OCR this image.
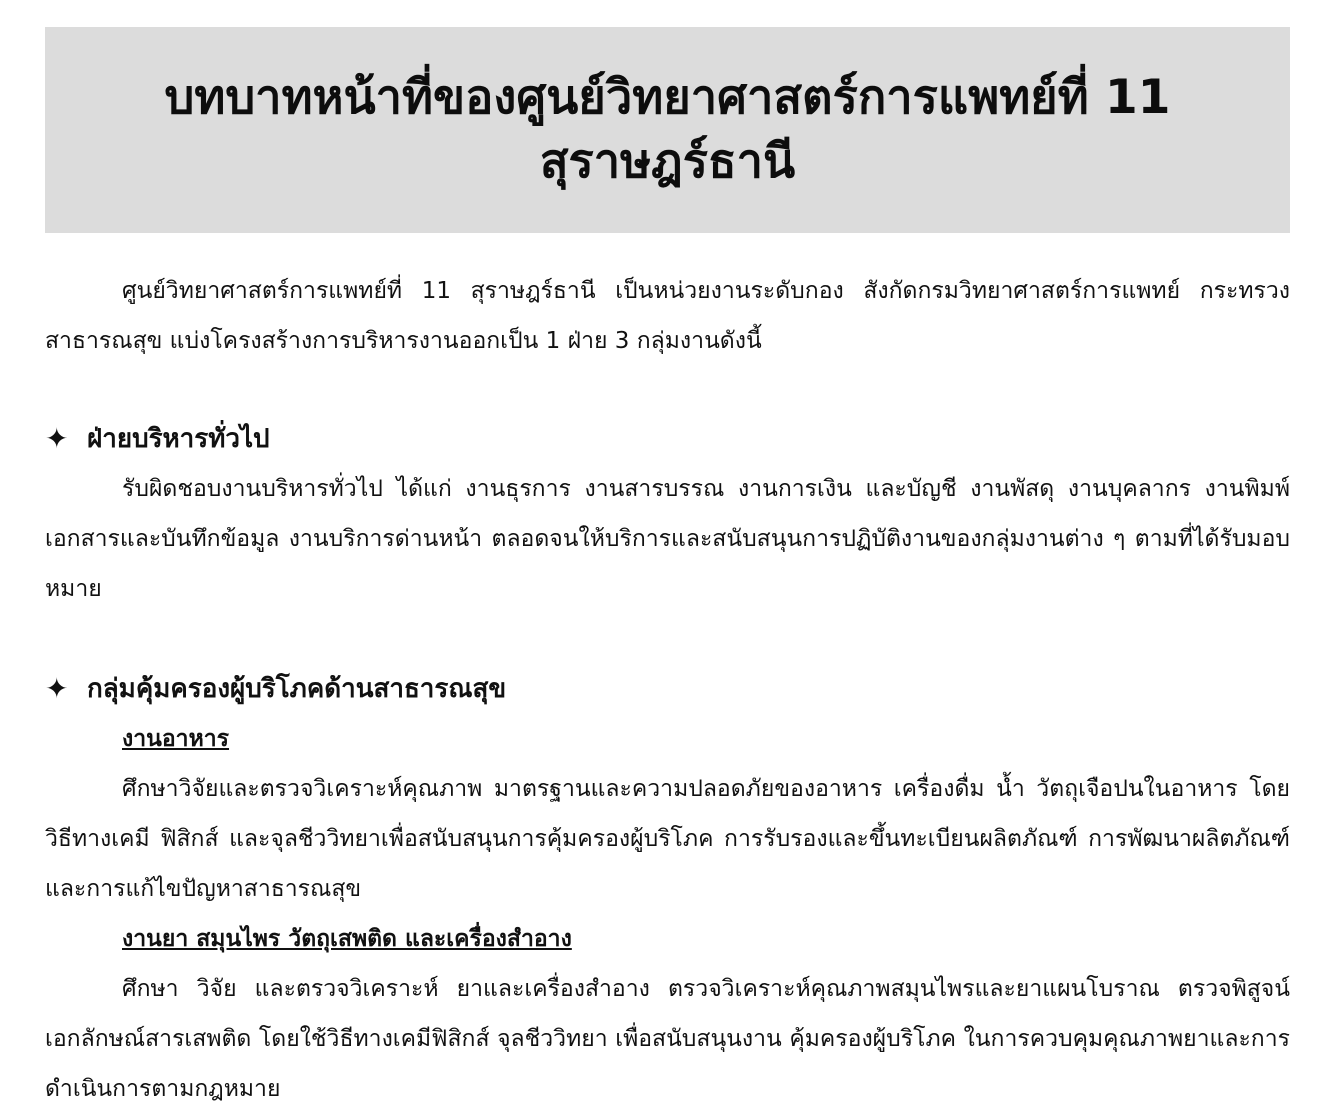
บทบาทหน้าที่ของศูนย์วิทยาศาสตร์การแพทย์ที่ 11
สุราษฎร์ธานี

ศูนย์วิทยาศาสตร์การแพทย์ที่ 11 สุราษฎร์ธานี เป็นหน่วยงานระดับกอง สังกัดกรมวิทยาศาสตร์การแพทย์ กระทรวงสาธารณสุข แบ่งโครงสร้างการบริหารงานออกเป็น 1 ฝ่าย 3 กลุ่มงานดังนี้

✦ ฝ่ายบริหารทั่วไป

รับผิดชอบงานบริหารทั่วไป ได้แก่ งานธุรการ งานสารบรรณ งานการเงิน และบัญชี งานพัสดุ งานบุคลากร งานพิมพ์เอกสารและบันทึกข้อมูล งานบริการด่านหน้า ตลอดจนให้บริการและสนับสนุนการปฏิบัติงานของกลุ่มงานต่าง ๆ ตามที่ได้รับมอบหมาย

✦ กลุ่มคุ้มครองผู้บริโภคด้านสาธารณสุข

งานอาหาร

ศึกษาวิจัยและตรวจวิเคราะห์คุณภาพ มาตรฐานและความปลอดภัยของอาหาร เครื่องดื่ม น้ำ วัตถุเจือปนในอาหาร โดยวิธีทางเคมี ฟิสิกส์ และจุลชีววิทยาเพื่อสนับสนุนการคุ้มครองผู้บริโภค การรับรองและขึ้นทะเบียนผลิตภัณฑ์ การพัฒนาผลิตภัณฑ์และการแก้ไขปัญหาสาธารณสุข

งานยา สมุนไพร วัตถุเสพติด และเครื่องสำอาง

ศึกษา วิจัย และตรวจวิเคราะห์ ยาและเครื่องสำอาง ตรวจวิเคราะห์คุณภาพสมุนไพรและยาแผนโบราณ ตรวจพิสูจน์เอกลักษณ์สารเสพติด โดยใช้วิธีทางเคมีฟิสิกส์ จุลชีววิทยา เพื่อสนับสนุนงาน คุ้มครองผู้บริโภค ในการควบคุมคุณภาพยาและการดำเนินการตามกฎหมาย
